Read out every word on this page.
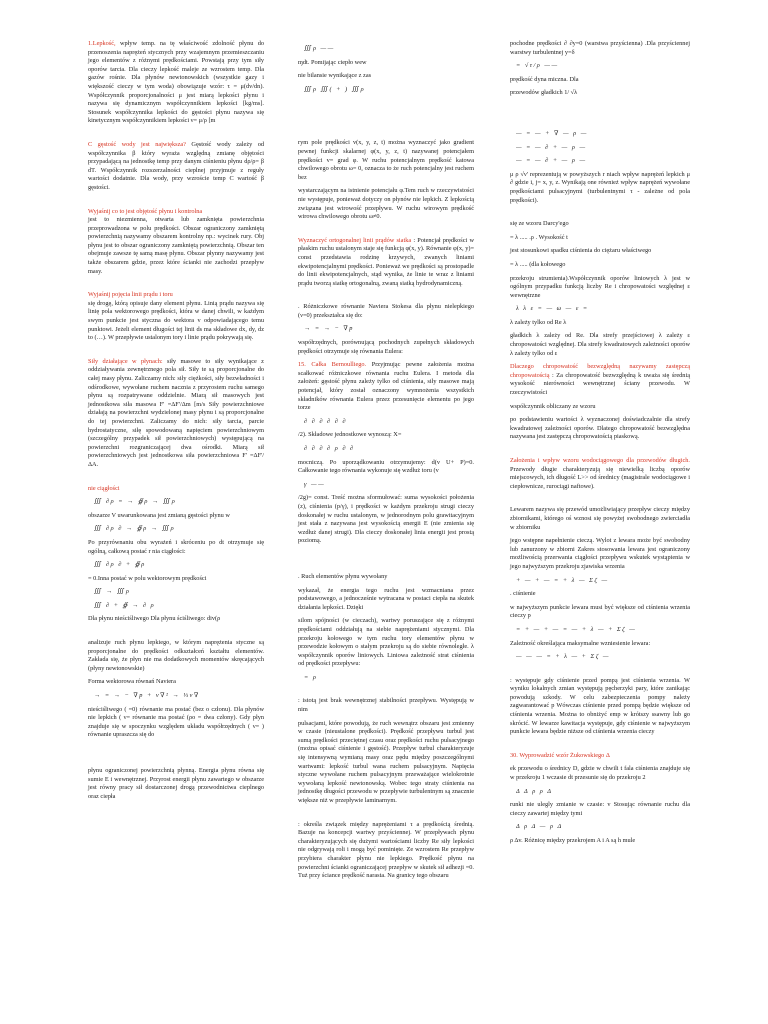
1.Lepkość, wpływ temp. na tę właściwość zdolność płynu do przenoszenia naprężeń stycznych przy wzajemnym przemieszczaniu jego elementów z różnymi prędkościami. Powstają przy tym siły oporów tarcia. Dla cieczy lepkość maleje ze wzrostem temp. Dla gazów rośnie. Dla płynów newtonowskich (wszystkie gazy i większość cieczy w tym woda) obowiązuje wzór: τ = μ(dv/dn). Współczynnik proporcjonalności μ jest miarą lepkości płynu i nazywa się dynamicznym współczynnikiem lepkości [kg/ms]. Stosunek współczynnika lepkości do gęstości płynu nazywa się kinetycznym współczynnikiem lepkości ν= μ/ρ [m

C gęstość wody jest największa? Gęstość wody zależy od współczynnika β który wyraża względną zmianę objętości przypadającą na jednostkę temp przy danym ciśnieniu płynu dρ/ρ= β dT. Współczynnik rozszerzalności cieplnej przyjmuje z reguły wartości dodatnie. Dla wody, przy wzroście temp C wartość β gęstości.

Wyjaśnij co to jest objętość płynu i kontrolna
jest to niezmienna, otwarta lub zamknięta powierzchnia przeprowadzona w polu prędkości. Obszar ograniczony zamkniętą powierzchnią nazywamy obszarem kontrolny np.: wycinek rury. Obj płynu jest to obszar ograniczony zamkniętą powierzchnią. Obszar ten obejmuje zawsze tę samą masę płynu. Obszar płynny nazywamy jest także obszarem gdzie, przez które ścianki nie zachodzi przepływ masy.

Wyjaśnij pojęcia linii prądu i toru
się drogę, którą opisuje dany element płynu. Linią prądu nazywa się linię pola wektorowego prędkości, która w danej chwili, w każdym swym punkcie jest styczna do wektora v odpowiadającego temu punktowi. Jeżeli element długości tej linii ds ma składowe dx, dy, dz to (…). W przepływie ustalonym tory i linie prądu pokrywają się.

Siły działające w płynach: siły masowe to siły wynikające z oddziaływania zewnętrznego pola sił. Siły te są proporcjonalne do całej masy płynu. Zaliczamy nich: siły ciężkości, siły bezwładności i odśrodkowe, wywołane ruchem nacznia z przyrostem ruchu samego płynu są rozpatrywane oddzielnie. Miarą sił masowych jest jednostkowa siła masowa F' =ΔF'/Δm [m/s Siły powierzchniowe działają na powierzchni wydzielonej masy płynu i są proporcjonalne do tej powierzchni. Zaliczamy do nich: siły tarcia, parcie hydrostatyczne, siłę spowodowaną napięciem powierzchniowym (szczególny przypadek sił powierzchniowych) występującą na powierzchni rozgraniczającej dwa ośrodki. Miarą sił powierzchniowych jest jednostkowa siła powierzchniowa F' =ΔF'/ΔA.

nie ciągłości

∭ ∂ρ = → ∯ρ → ∭ρ

obszarze V uwarunkowana jest zmianą gęstości płynu w

∭ ∂ρ ∂ → ∯ρ → ∭ρ

Po przyrównaniu obu wyrażeń i skróceniu po dt otrzymuje się ogólną, całkową postać r nia ciągłości:

∭ ∂ρ ∂ + ∯ρ

= 0.Inna postać w polu wektorowym prędkości

∭ → ∭ρ
∭ ∂ + ∯ → ∂ ρ

Dla płynu nieściśliwego Dla płynu ściśliwego: div(ρ

analizuje ruch płynu lepkiego, w którym naprężenia styczne są proporcjonalne do prędkości odkształceń kształtu elementów. Zakłada się, że płyn nie ma dodatkowych momentów skręcających (płyny newtonowskie)

Forma wektorowa równań Naviera

→ = → − ∇p + ν∇² → ⅓ν∇

nieściśliwego ( =0) równanie ma postać (bez o członu). Dla płynów nie lepkich ( ν= równanie ma postać (ρo = dwa człony). Gdy płyn znajduje się w spoczynku względem układu współrzędnych ( ν= ) równanie upraszcza się do

płynu ograniczonej powierzchnią płynną. Energia płynu równa się sumie E i wewnętrznej. Przyrost energii płynu zawartego w obszarze jest równy pracy sił dostarczonej drogą przewodnictwa cieplnego oraz ciepła

∭ρ ——

ɱdt. Pomijając ciepło wew

nie bilansie wynikające z zas

∭ρ ∭( + ) ∭ρ

rym pole prędkości v(x, y, z, t) można wyznaczyć jako gradient pewnej funkcji skalarnej φ(x, y, z, t) nazywanej potencjałem prędkości v= grad φ. W ruchu potencjalnym prędkość katowa chwilowego obrotu ω= 0, oznacza to że ruch potencjalny jest ruchem bez

wystarczającym na istnienie potencjału φ.Tem ruch w rzeczywistości nie występuje, ponieważ dotyczy on płynów nie lepkich. Z lepkością związana jest wirowość przepływu. W ruchu wirowym prędkość wirowa chwilowego obrotu ω≠0.

Wyznaczyć ortogonalnej linii prądów siatka : Potencjał prędkości w płaskim ruchu ustalonym staje się funkcją φ(x, y). Równanie φ(x, y)= const przedstawia rodzinę krzywych, zwanych liniami ekwipotencjalnymi prędkości. Ponieważ we prędkości są prostopadle do linii ekwipotencjalnych, stąd wynika, że linie te wraz z liniami prądu tworzą siatkę ortogonalną, zwaną siatką hydrodynamiczną.

. Różniczkowe równanie Naviera Stokesa dla płynu nielepkiego (ν=0) przekształca się do:

→ = → − ∇p

współrzędnych, porównującą pochodnych zupełnych składowych prędkości otrzymuje się równania Eulera:

15. Całka Bernoulliego. Przyjmując pewne założenia można scałkować różniczkowe równania ruchu Eulera. I metoda dla założeń: gęstość płynu zależy tylko od ciśnienia, siły masowe mają potencjał, który został oznaczony wymnożenia wszystkich składników równania Eulera przez przesunięcie elementu po jego torze

∂ ∂ ∂ ∂ ∂ ∂

/2). Składowe jednostkowe wynoszą: X=

∂ ∂ ∂ ∂ ρ ∂ ∂

mocniczą. Po uporządkowaniu otrzymujemy: d(v U+ P)=0. Całkowanie tego równania wykonuje się wzdłuż toru (v

γ ——

/2g)= const. Treść można sformułować: suma wysokości położenia (z), ciśnienia (p/γ), i prędkości w każdym przekroju strugi cieczy doskonałej w ruchu ustalonym, w jednorodnym polu grawitacyjnym jest stała z nazywana jest wysokością energii E (nie zmienia się wzdłuż danej strugi). Dla cieczy doskonałej linia energii jest prostą poziomą.

. Ruch elementów płynu wywołany

wykazał, że energia tego ruchu jest wzmacniana przez podstawowego, a jednocześnie wytracana w postaci ciepła na skutek działania lepkości. Dzięki

silom spójności (w cieczach), wartwy poruszające się z różnymi prędkościami oddziałują na siebie naprężeniami stycznymi. Dla przekroju kołowego w tym ruchu tory elementów płynu w przewodzie kołowym o stałym przekroju są do siebie równoległe. λ współczynnik oporów liniowych. Liniowa zależność strat ciśnienia od prędkości przepływu:

= ρ

: istotą jest brak wewnętrznej stabilności przepływu. Występują w nim

pulsacjami, które powodują, że ruch wewnątrz obszaru jest zmienny w czasie (nieustalone prędkości). Prędkość przepływu turbul jest sumą prędkości przeciętnej czasu oraz prędkości ruchu pulsacyjnego (można opisać ciśnienie i gęstość). Przepływ turbul charakteryzuje się intensywną wymianą masy oraz pędu między poszczególnymi wartwami: lepkość turbul wana ruchem pulsacyjnym. Napięcia styczne wywołane ruchem pulsacyjnym przeważające wielokrotnie wywołaną lepkość newtonowską. Wobec tego straty ciśnienia na jednostkę długości przewodu w przepływie turbulentnym są znacznie większe niż w przepływie laminarnym.

: określa związek między naprężeniami τ a prędkością średnią. Bazuje na koncepcji wartwy przyściennej. W przepływach płynu charakteryzujących się dużymi wartościami liczby Re siły lepkości nie odgrywają roli i mogą być pominięte. Ze wzrostem Re przepływ przybiera charakter płynu nie lepkiego. Prędkość płynu na powierzchni ścianki ograniczającej przepływ w skutek sił adhezji =0. Tuż przy ściance prędkość narasta. Na granicy tego obszaru

pochodne prędkości ∂ ∂y=0 (warstwa przyścienna) .Dla przyściennej warstwy turbulentnej y=δ

= √τ/ρ ——

prędkość dyna miczna. Dla

przewodów gładkich 1/ √λ

— = — + ∇ — ρ —
— = — ∂ + — ρ —
— = — ∂ + — ρ —

μ ρ √ν' reprezentują w powyższych r niach wpływ naprężeń lepkich μ ∂ gdzie i, j= x, y, z. Wynikają one również wpływ naprężeń wywołane prędkościami pulsacyjnymi (turbulentnymi τ - zależne od pola prędkości).

się ze wzoru Darcy'ego

= λ ..... .ρ . Wysokość t

jest stosunkowi spadku ciśnienia do ciężaru właściwego

= λ ..... (dla kołowego

przekroju strumienia).Współczynnik oporów liniowych λ jest w ogólnym przypadku funkcją liczby Re i chropowatości względnej ε wewnętrzne

λ λ ε = — ω — ε =

λ zależy tylko od Re λ

gładkich λ zależy od Re. Dla strefy przejściowej λ zależy ε chropowatości względnej. Dla strefy kwadratowych zależności oporów λ zależy tylko od ε

Dlaczego chropowatość bezwzględną nazywamy zastępczą chropowatością : Za chropowatość bezwzględną k uważa się średnią wysokość nierówności wewnętrznej ściany przewodu. W rzeczywistości

współczynnik obliczany ze wzoru

po podstawieniu wartości λ wyznaczonej doświadczalnie dla strefy kwadratowej zależności oporów. Dlatego chropowatość bezwzględna nazywana jest zastępczą chropowatością piaskową.

Założenia i wpływ wzoru wodociągowego dla przewodów długich. Przewody długie charakteryzują się niewielką liczbą oporów miejscowych, ich długość L>> od średnicy (magistrale wodociągowe i ciepłownicze, rurociągi naftowe).

Lewarem nazywa się przewód umożliwiający przepływ cieczy między zbiornikami, którego oś wznosi się powyżej swobodnego zwierciadła w zbiorniku

jego wstępne napełnienie cieczą. Wylot z lewara może być swobodny lub zanurzony w zbiorni Zakres stosowania lewara jest ograniczony możliwością przerwania ciągłości przepływu wskutek wystąpienia w jego najwyższym przekroju zjawiska wrzenia

+ — + — = + λ — Σζ —

. ciśnienie

w najwyższym punkcie lewara musi być większe od ciśnienia wrzenia cieczy p

= + — + — = — + λ — + Σζ —

Zależność określająca maksymalne wzniesienie lewara:

— — — = + λ — + Σζ —

: występuje gdy ciśnienie przed pompą jest ciśnienia wrzenia. W wyniku lokalnych zmian występują pęcherzyki pary, które zanikając powodują szkody. W celu zabezpieczenia pompy należy zagwarantować p Wówczas ciśnienie przed pompą będzie większe od ciśnienia wrzenia. Można to obniżyć emp w krótszy ssawny lub go skrócić. W lewarze kawitacja występuje, gdy ciśnienie w najwyższym punkcie lewara będzie niższe od ciśnienia wrzenia cieczy

30. Wyprowadzić wzór Żukowskiego Δ

ek przewodu o średnicy D, gdzie w chwili t fala ciśnienia znajduje się w przekroju 1 wczasie dt przesunie się do przekroju 2

Δ Δ ρ ρ Δ

runki nie ulegly zmianie w czasie: v Stosując równanie ruchu dla cieczy zawartej między tymi

Δ ρ Δ — ρ Δ

ρ Δv. Różnicę między przekrojem A i A są h mule
